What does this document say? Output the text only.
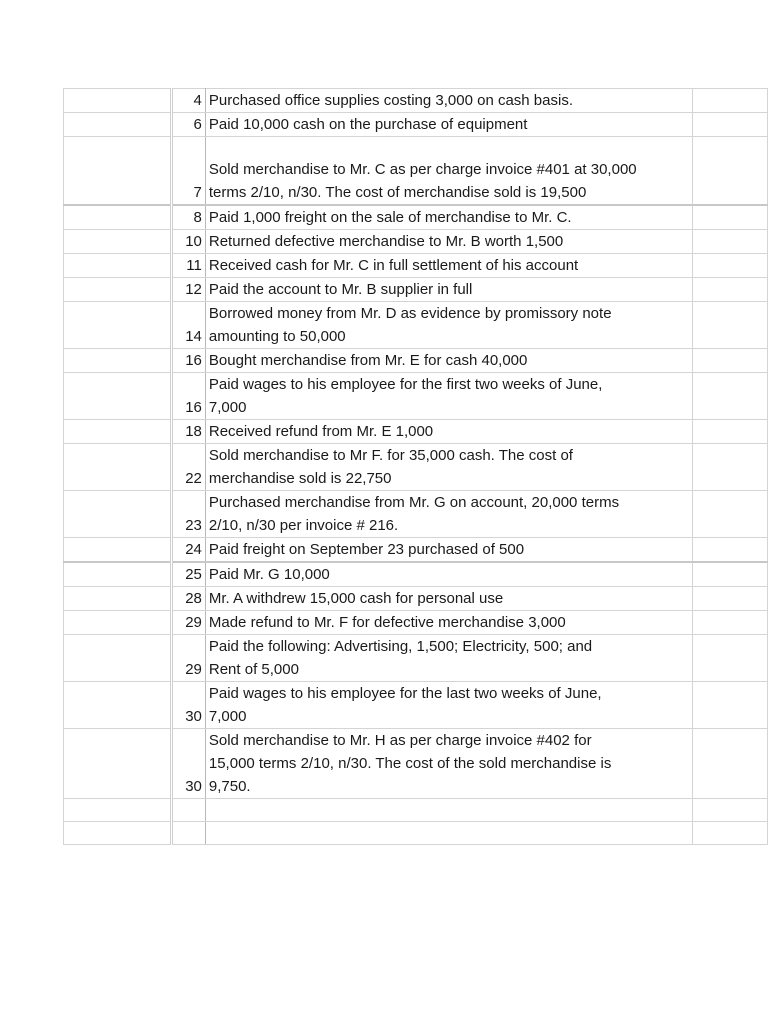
	4	Purchased office supplies costing 3,000 on cash basis.	
	6	Paid 10,000 cash on the purchase of equipment	
	7	Sold merchandise to Mr. C as per charge invoice #401 at 30,000
terms 2/10, n/30. The cost of merchandise sold is 19,500	
	8	Paid 1,000 freight on the sale of merchandise to Mr. C.	
	10	Returned defective merchandise to Mr. B worth 1,500	
	11	Received cash for Mr. C in full settlement of his account	
	12	Paid the account to Mr. B supplier in full	
	14	Borrowed money from Mr. D as evidence by promissory note
amounting to 50,000	
	16	Bought merchandise from Mr. E for cash 40,000	
	16	Paid wages to his employee for the first two weeks of June,
7,000	
	18	Received refund from Mr. E 1,000	
	22	Sold merchandise to Mr F. for 35,000 cash. The cost of
merchandise sold is 22,750	
	23	Purchased merchandise from Mr. G on account, 20,000 terms
2/10, n/30 per invoice # 216.	
	24	Paid freight on September 23 purchased of 500	
	25	Paid Mr. G 10,000	
	28	Mr. A withdrew 15,000 cash for personal use	
	29	Made refund to Mr. F for defective merchandise 3,000	
	29	Paid the following: Advertising, 1,500; Electricity, 500; and
Rent of 5,000	
	30	Paid wages to his employee for the last two weeks of June,
7,000	
	30	Sold merchandise to Mr. H as per charge invoice #402 for
15,000 terms 2/10, n/30. The cost of the sold merchandise is
9,750.	
